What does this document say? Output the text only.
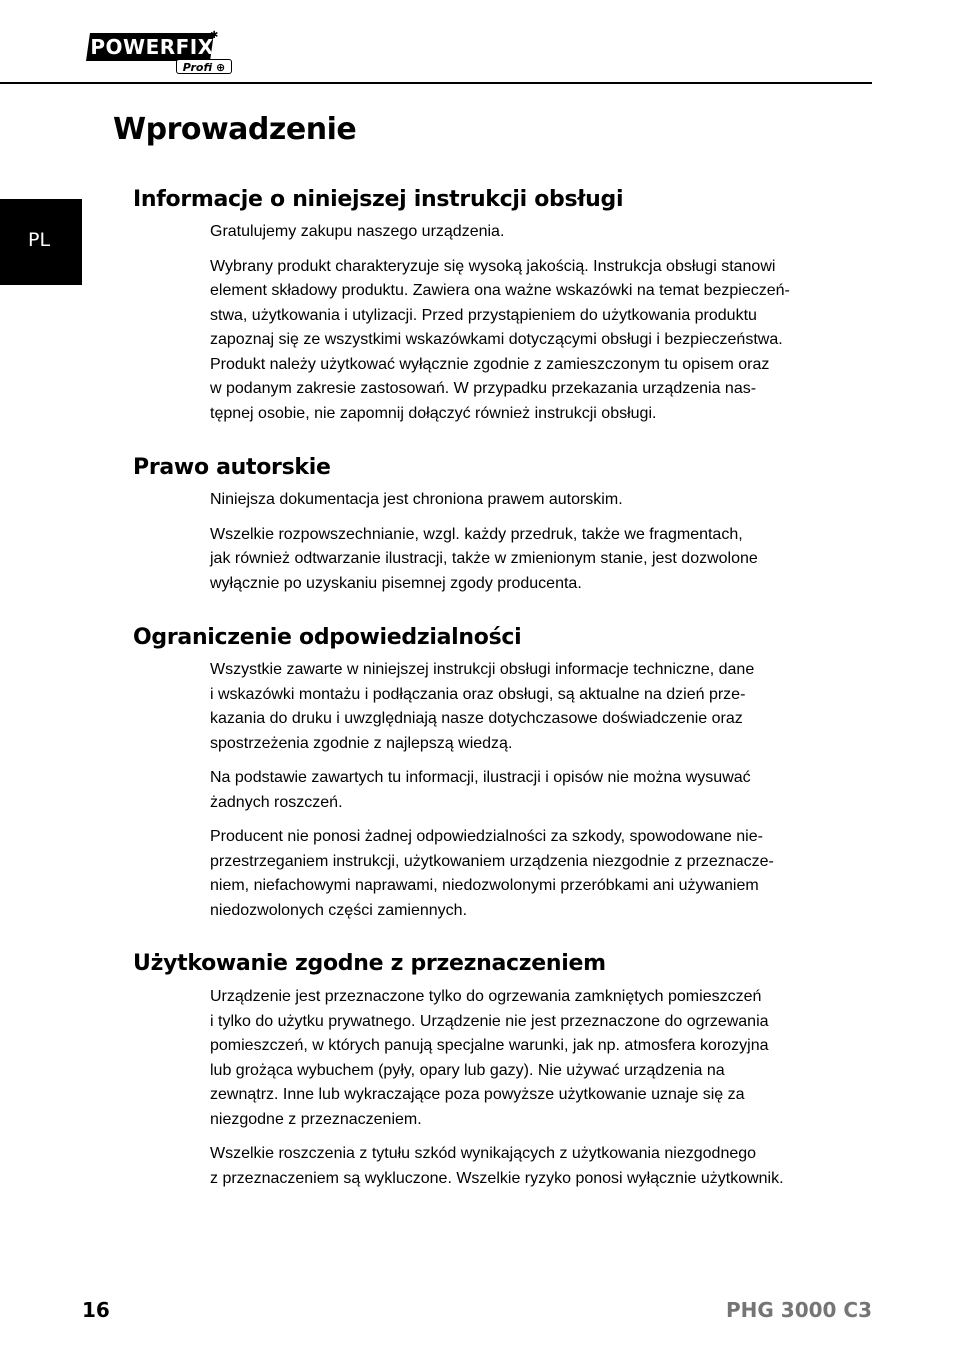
POWERFIX
✱
Profi ⊕
Wprowadzenie
PL
Informacje o niniejszej instrukcji obsługi
Gratulujemy zakupu naszego urządzenia.
Wybrany produkt charakteryzuje się wysoką jakością. Instrukcja obsługi stanowi
element składowy produktu. Zawiera ona ważne wskazówki na temat bezpieczeń-
stwa, użytkowania i utylizacji. Przed przystąpieniem do użytkowania produktu
zapoznaj się ze wszystkimi wskazówkami dotyczącymi obsługi i bezpieczeństwa.
Produkt należy użytkować wyłącznie zgodnie z zamieszczonym tu opisem oraz
w podanym zakresie zastosowań. W przypadku przekazania urządzenia nas-
tępnej osobie, nie zapomnij dołączyć również instrukcji obsługi.
Prawo autorskie
Niniejsza dokumentacja jest chroniona prawem autorskim.
Wszelkie rozpowszechnianie, wzgl. każdy przedruk, także we fragmentach,
jak również odtwarzanie ilustracji, także w zmienionym stanie, jest dozwolone
wyłącznie po uzyskaniu pisemnej zgody producenta.
Ograniczenie odpowiedzialności
Wszystkie zawarte w niniejszej instrukcji obsługi informacje techniczne, dane
i wskazówki montażu i podłączania oraz obsługi, są aktualne na dzień prze-
kazania do druku i uwzględniają nasze dotychczasowe doświadczenie oraz
spostrzeżenia zgodnie z najlepszą wiedzą.
Na podstawie zawartych tu informacji, ilustracji i opisów nie można wysuwać
żadnych roszczeń.
Producent nie ponosi żadnej odpowiedzialności za szkody, spowodowane nie-
przestrzeganiem instrukcji, użytkowaniem urządzenia niezgodnie z przeznacze-
niem, niefachowymi naprawami, niedozwolonymi przeróbkami ani używaniem
niedozwolonych części zamiennych.
Użytkowanie zgodne z przeznaczeniem
Urządzenie jest przeznaczone tylko do ogrzewania zamkniętych pomieszczeń
i tylko do użytku prywatnego. Urządzenie nie jest przeznaczone do ogrzewania
pomieszczeń, w których panują specjalne warunki, jak np. atmosfera korozyjna
lub grożąca wybuchem (pyły, opary lub gazy). Nie używać urządzenia na
zewnątrz. Inne lub wykraczające poza powyższe użytkowanie uznaje się za
niezgodne z przeznaczeniem.
Wszelkie roszczenia z tytułu szkód wynikających z użytkowania niezgodnego
z przeznaczeniem są wykluczone. Wszelkie ryzyko ponosi wyłącznie użytkownik.
16	PHG 3000 C3
